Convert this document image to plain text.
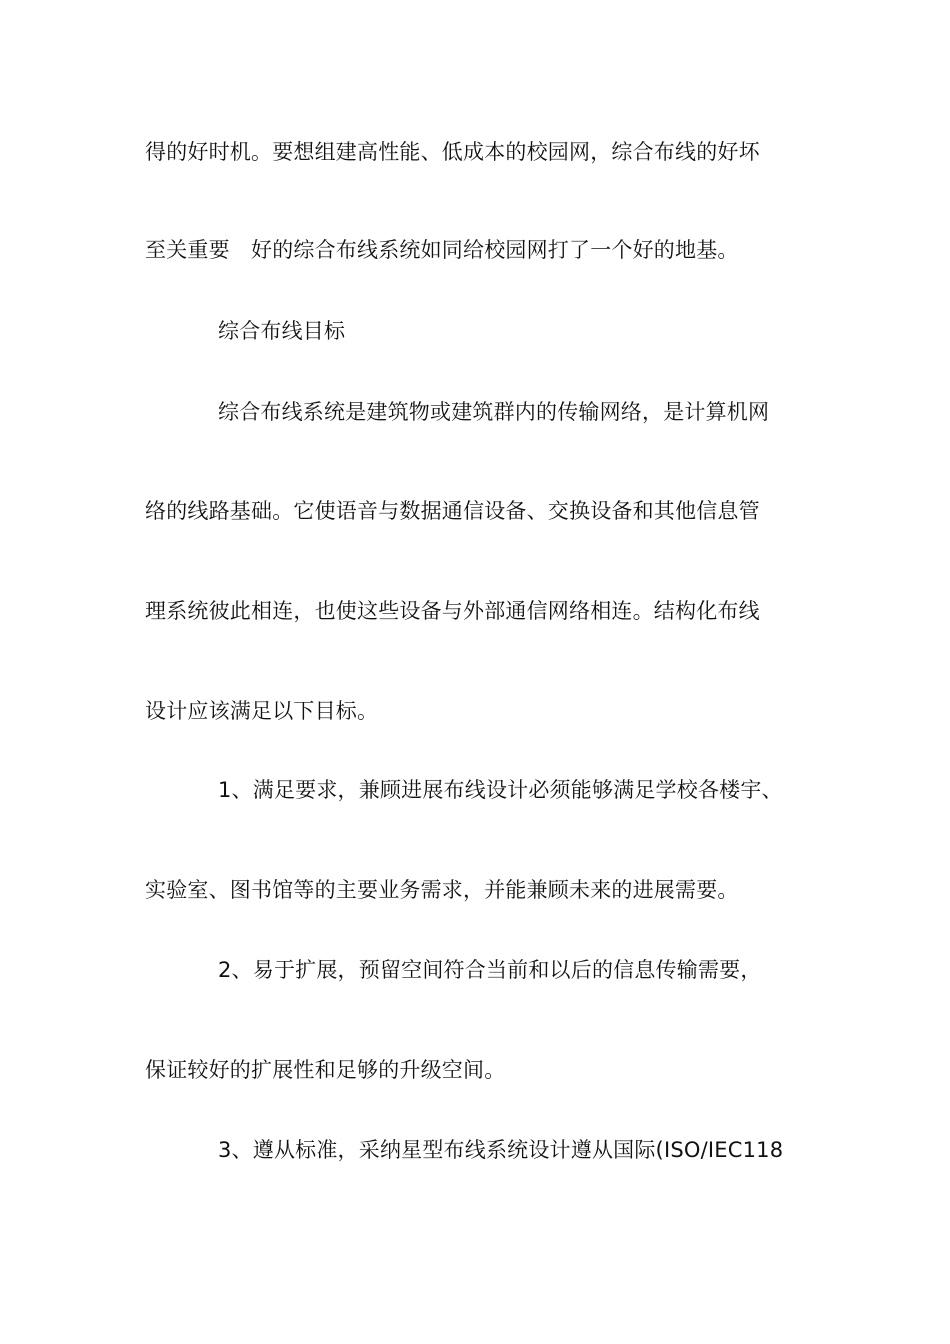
得的好时机。要想组建高性能、低成本的校园网，综合布线的好坏
至关重要　好的综合布线系统如同给校园网打了一个好的地基。
综合布线目标
综合布线系统是建筑物或建筑群内的传输网络，是计算机网
络的线路基础。它使语音与数据通信设备、交换设备和其他信息管
理系统彼此相连，也使这些设备与外部通信网络相连。结构化布线
设计应该满足以下目标。
1、满足要求，兼顾进展布线设计必须能够满足学校各楼宇、
实验室、图书馆等的主要业务需求，并能兼顾未来的进展需要。
2、易于扩展，预留空间符合当前和以后的信息传输需要，
保证较好的扩展性和足够的升级空间。
3、遵从标准，采纳星型布线系统设计遵从国际(ISO/IEC118
